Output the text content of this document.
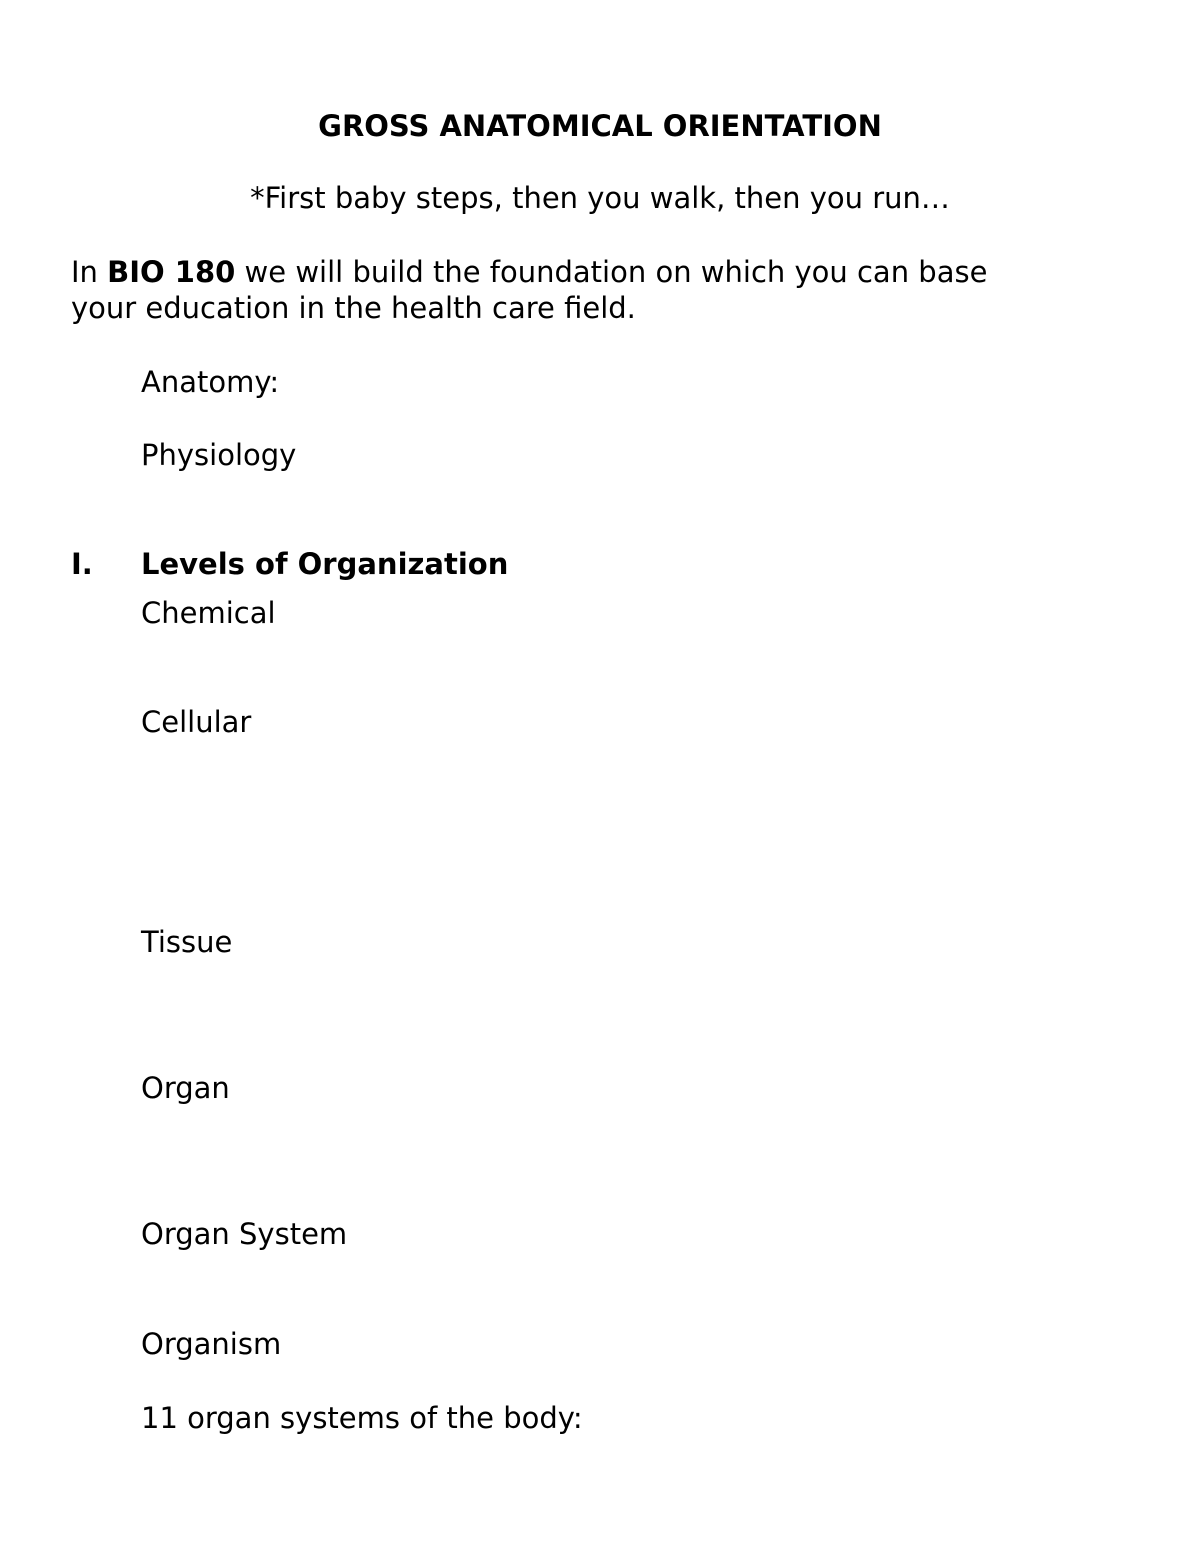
GROSS ANATOMICAL ORIENTATION

*First baby steps, then you walk, then you run…

In BIO 180 we will build the foundation on which you can base
your education in the health care field.

Anatomy:

Physiology

I. Levels of Organization

Chemical

Cellular

Tissue

Organ

Organ System

Organism

11 organ systems of the body:
